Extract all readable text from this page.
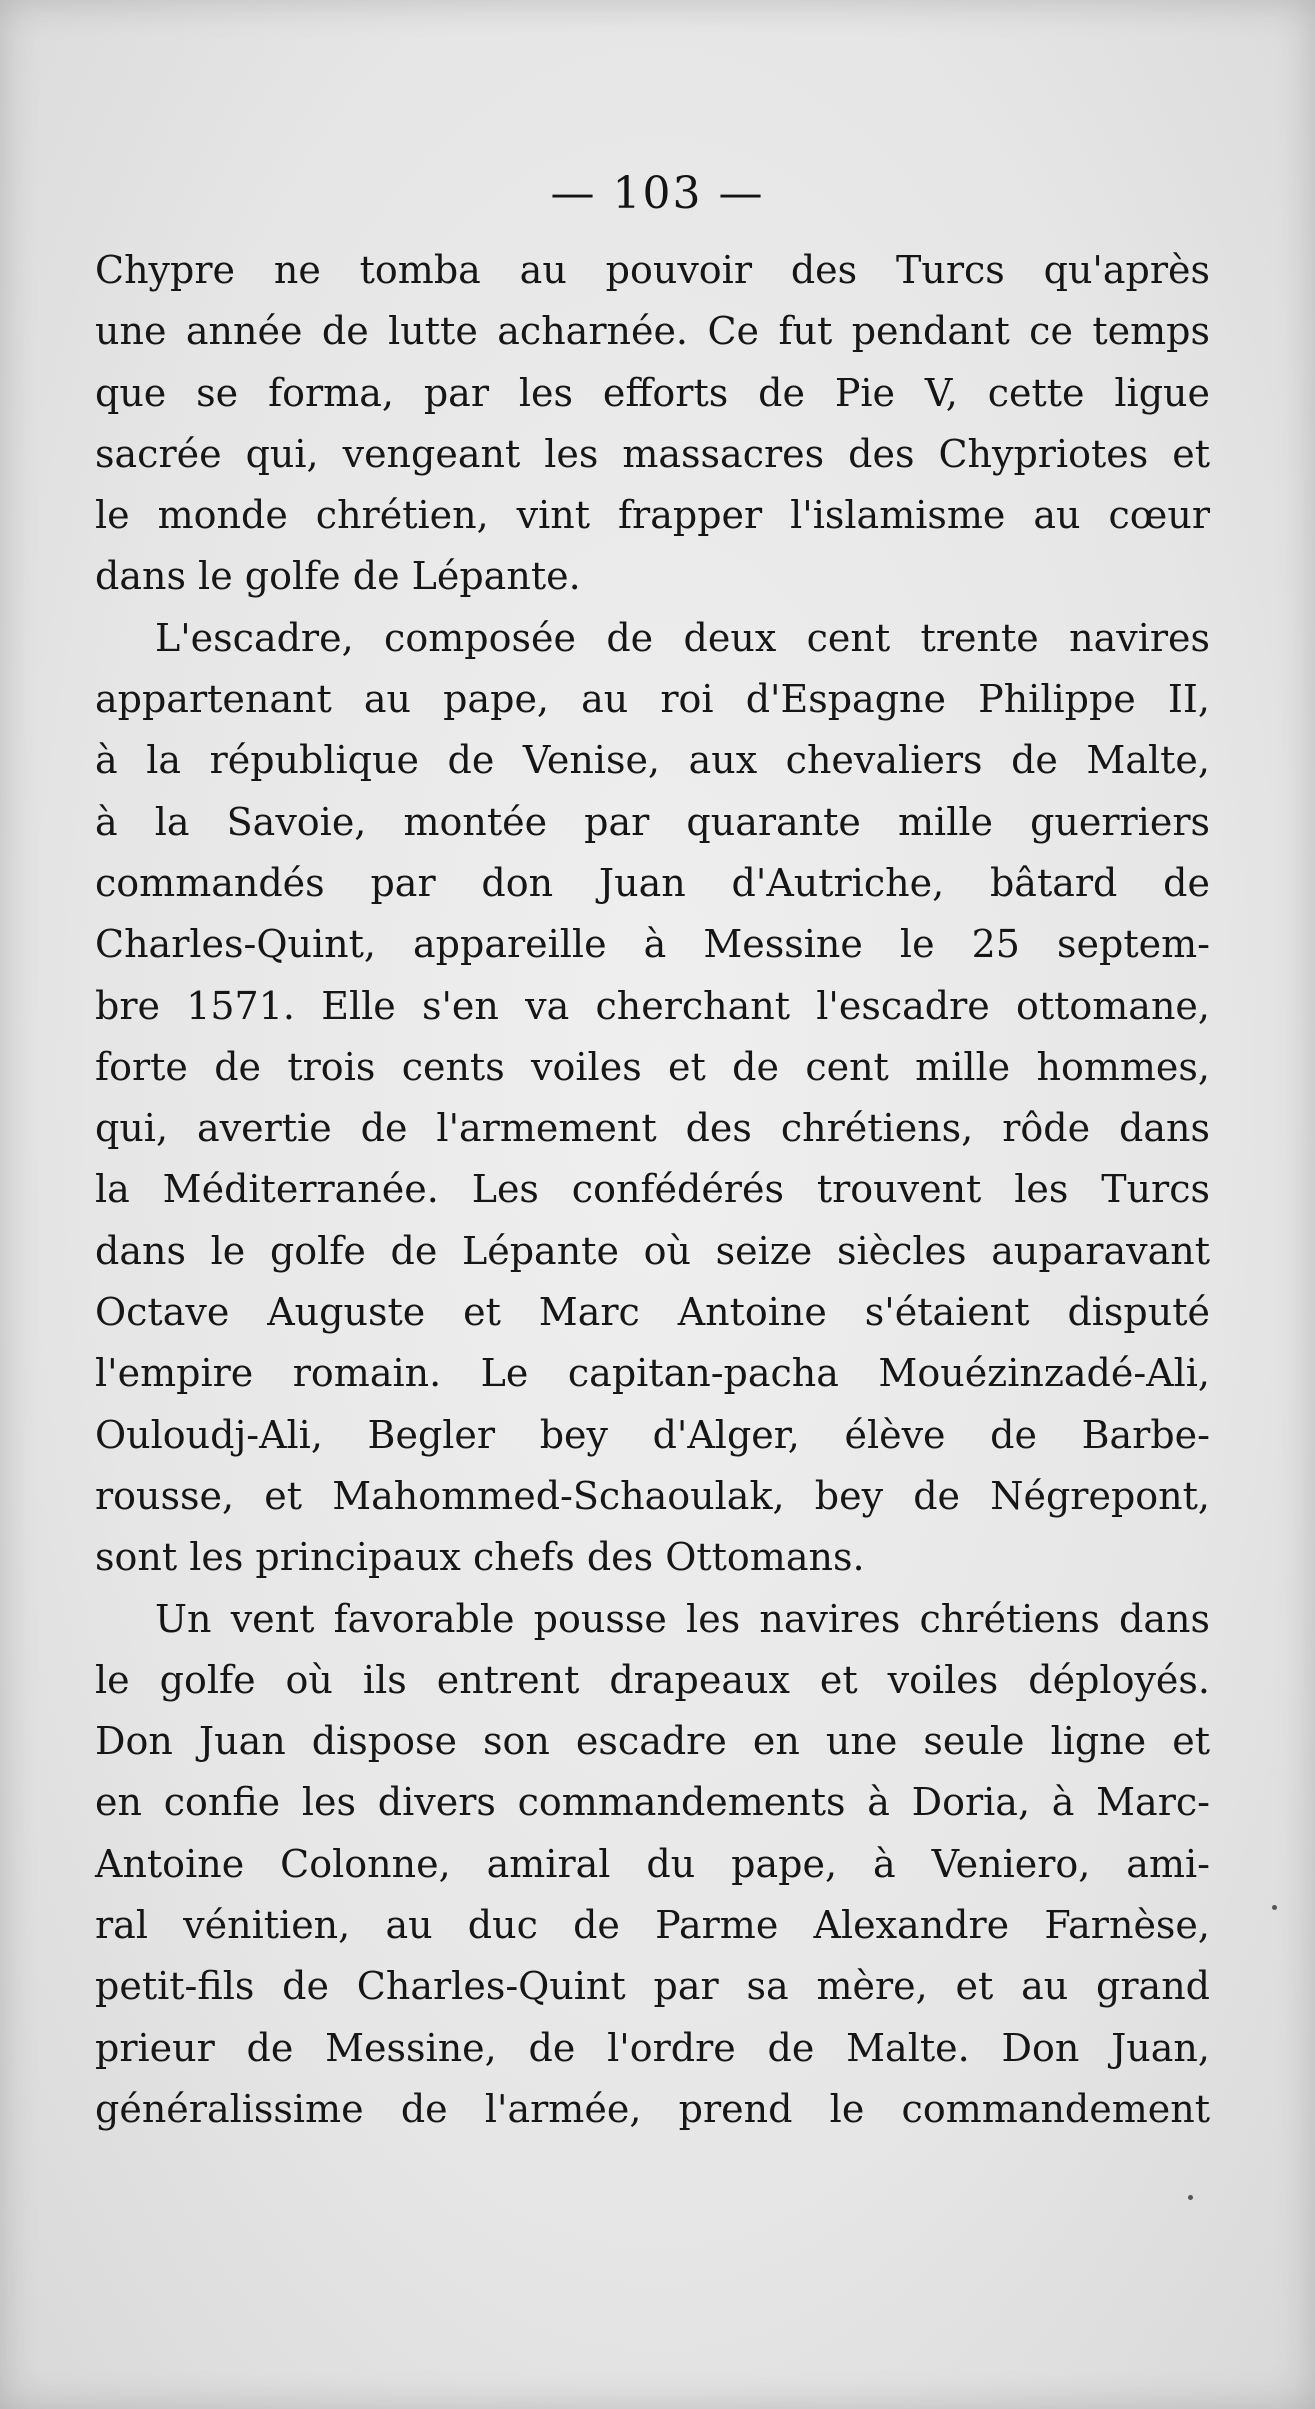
— 103 —
Chypre ne tomba au pouvoir des Turcs qu'après
une année de lutte acharnée. Ce fut pendant ce temps
que se forma, par les efforts de Pie V, cette ligue
sacrée qui, vengeant les massacres des Chypriotes et
le monde chrétien, vint frapper l'islamisme au cœur
dans le golfe de Lépante.
L'escadre, composée de deux cent trente navires
appartenant au pape, au roi d'Espagne Philippe II,
à la république de Venise, aux chevaliers de Malte,
à la Savoie, montée par quarante mille guerriers
commandés par don Juan d'Autriche, bâtard de
Charles-Quint, appareille à Messine le 25 septem-
bre 1571. Elle s'en va cherchant l'escadre ottomane,
forte de trois cents voiles et de cent mille hommes,
qui, avertie de l'armement des chrétiens, rôde dans
la Méditerranée. Les confédérés trouvent les Turcs
dans le golfe de Lépante où seize siècles auparavant
Octave Auguste et Marc Antoine s'étaient disputé
l'empire romain. Le capitan-pacha Mouézinzadé-Ali,
Ouloudj-Ali, Begler bey d'Alger, élève de Barbe-
rousse, et Mahommed-Schaoulak, bey de Négrepont,
sont les principaux chefs des Ottomans.
Un vent favorable pousse les navires chrétiens dans
le golfe où ils entrent drapeaux et voiles déployés.
Don Juan dispose son escadre en une seule ligne et
en confie les divers commandements à Doria, à Marc-
Antoine Colonne, amiral du pape, à Veniero, ami-
ral vénitien, au duc de Parme Alexandre Farnèse,
petit-fils de Charles-Quint par sa mère, et au grand
prieur de Messine, de l'ordre de Malte. Don Juan,
généralissime de l'armée, prend le commandement
